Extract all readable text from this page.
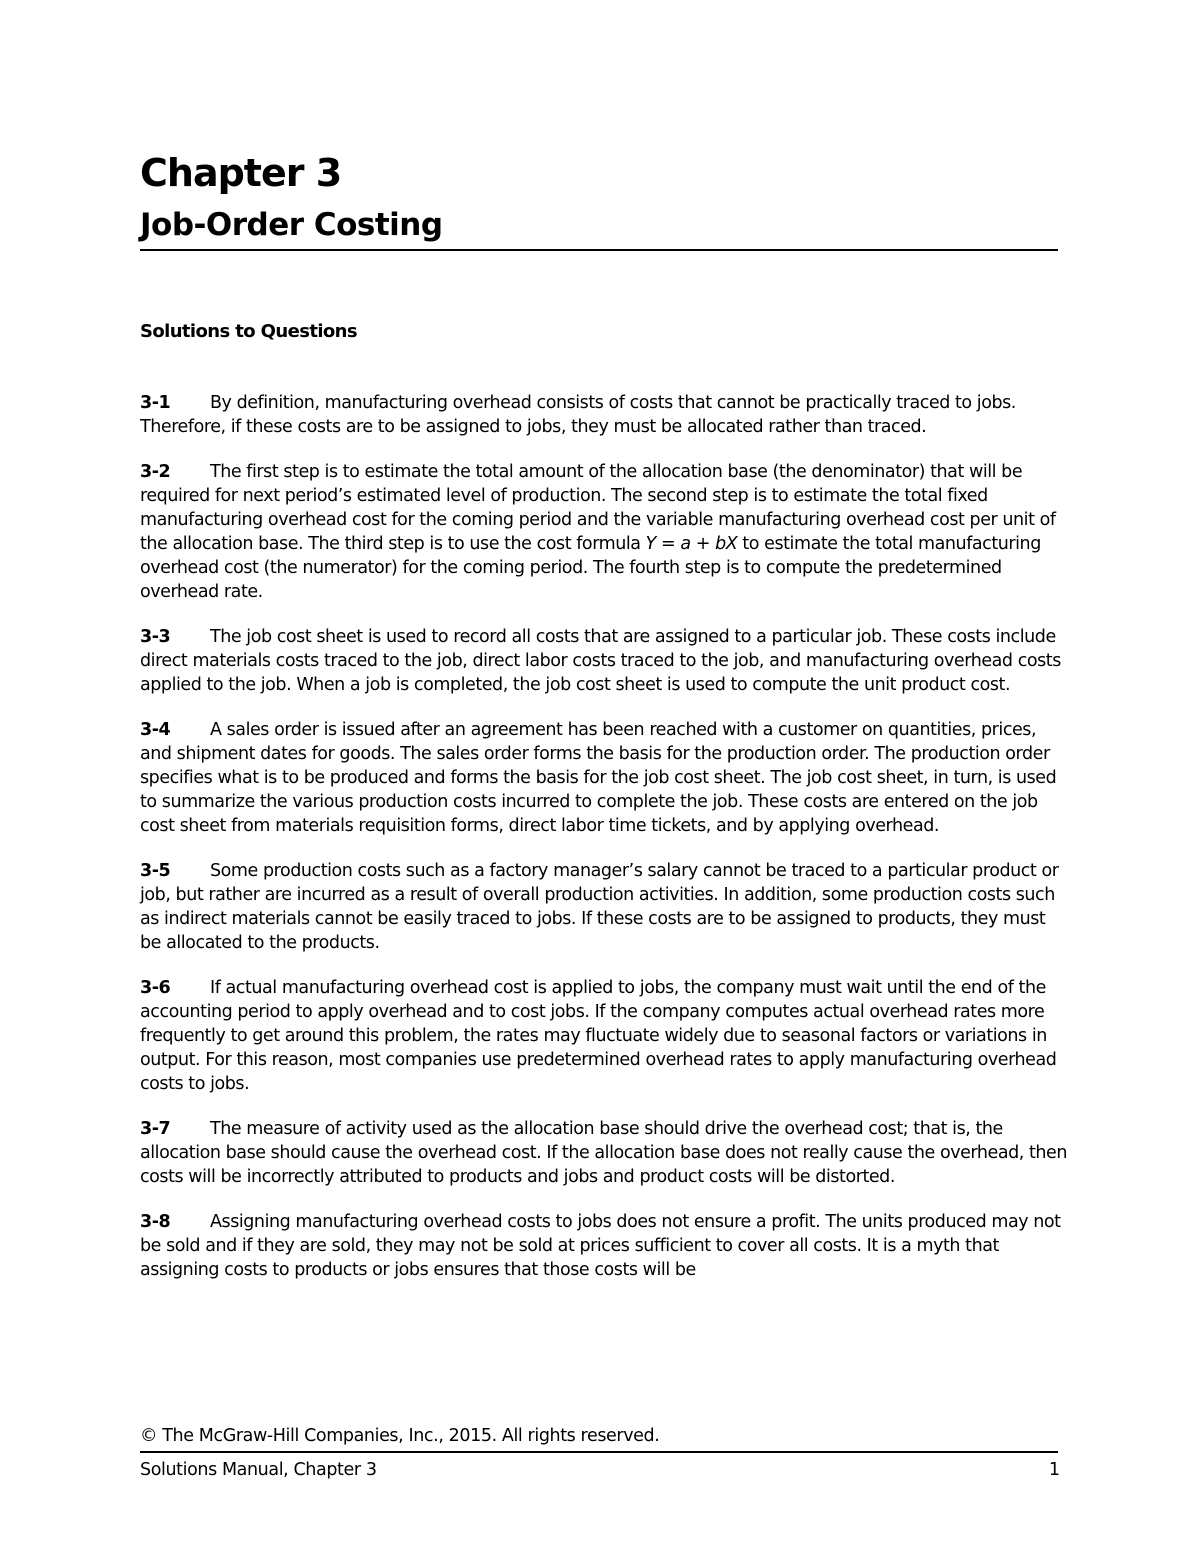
Chapter 3
Job-Order Costing
Solutions to Questions

3-1 By definition, manufacturing overhead consists of costs that cannot be practically traced to jobs. Therefore, if these costs are to be assigned to jobs, they must be allocated rather than traced.

3-2 The first step is to estimate the total amount of the allocation base (the denominator) that will be required for next period’s estimated level of production. The second step is to estimate the total fixed manufacturing overhead cost for the coming period and the variable manufacturing overhead cost per unit of the allocation base. The third step is to use the cost formula Y = a + bX to estimate the total manufacturing overhead cost (the numerator) for the coming period. The fourth step is to compute the predetermined overhead rate.

3-3 The job cost sheet is used to record all costs that are assigned to a particular job. These costs include direct materials costs traced to the job, direct labor costs traced to the job, and manufacturing overhead costs applied to the job. When a job is completed, the job cost sheet is used to compute the unit product cost.

3-4 A sales order is issued after an agreement has been reached with a customer on quantities, prices, and shipment dates for goods. The sales order forms the basis for the production order. The production order specifies what is to be produced and forms the basis for the job cost sheet. The job cost sheet, in turn, is used to summarize the various production costs incurred to complete the job. These costs are entered on the job cost sheet from materials requisition forms, direct labor time tickets, and by applying overhead.

3-5 Some production costs such as a factory manager’s salary cannot be traced to a particular product or job, but rather are incurred as a result of overall production activities. In addition, some production costs such as indirect materials cannot be easily traced to jobs. If these costs are to be assigned to products, they must be allocated to the products.

3-6 If actual manufacturing overhead cost is applied to jobs, the company must wait until the end of the accounting period to apply overhead and to cost jobs. If the company computes actual overhead rates more frequently to get around this problem, the rates may fluctuate widely due to seasonal factors or variations in output. For this reason, most companies use predetermined overhead rates to apply manufacturing overhead costs to jobs.

3-7 The measure of activity used as the allocation base should drive the overhead cost; that is, the allocation base should cause the overhead cost. If the allocation base does not really cause the overhead, then costs will be incorrectly attributed to products and jobs and product costs will be distorted.

3-8 Assigning manufacturing overhead costs to jobs does not ensure a profit. The units produced may not be sold and if they are sold, they may not be sold at prices sufficient to cover all costs. It is a myth that assigning costs to products or jobs ensures that those costs will be

© The McGraw-Hill Companies, Inc., 2015. All rights reserved.
Solutions Manual, Chapter 3	1
